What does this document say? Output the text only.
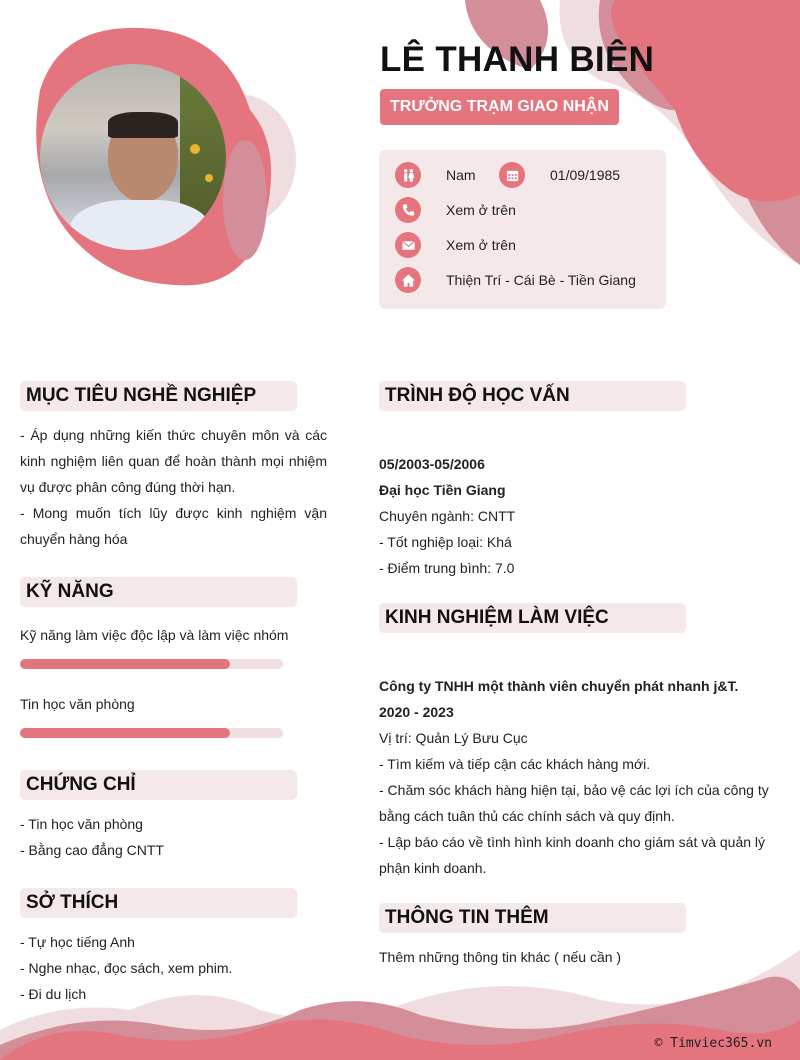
LÊ THANH BIÊN
TRƯỞNG TRẠM GIAO NHẬN
Nam	01/09/1985
Xem ở trên
Xem ở trên
Thiện Trí - Cái Bè - Tiền Giang
MỤC TIÊU NGHỀ NGHIỆP

- Áp dụng những kiến thức chuyên môn và các kinh nghiệm liên quan để hoàn thành mọi nhiệm vụ được phân công đúng thời hạn.

- Mong muốn tích lũy được kinh nghiệm vận chuyển hàng hóa

KỸ NĂNG
Kỹ năng làm việc độc lập và làm việc nhóm
Tin học văn phòng
CHỨNG CHỈ

- Tin học văn phòng

- Bằng cao đẳng CNTT

SỞ THÍCH

- Tự học tiếng Anh

- Nghe nhạc, đọc sách, xem phim.

- Đi du lịch

TRÌNH ĐỘ HỌC VẤN

05/2003-05/2006

Đại học Tiền Giang

Chuyên ngành: CNTT

- Tốt nghiệp loại: Khá

- Điểm trung bình: 7.0

KINH NGHIỆM LÀM VIỆC

Công ty TNHH một thành viên chuyển phát nhanh j&T.

2020 - 2023

Vị trí: Quản Lý Bưu Cục

- Tìm kiếm và tiếp cận các khách hàng mới.

- Chăm sóc khách hàng hiện tại, bảo vệ các lợi ích của công ty bằng cách tuân thủ các chính sách và quy định.

- Lập báo cáo về tình hình kinh doanh cho giám sát và quản lý phận kinh doanh.

THÔNG TIN THÊM
Thêm những thông tin khác ( nếu cần )
© Timviec365.vn
